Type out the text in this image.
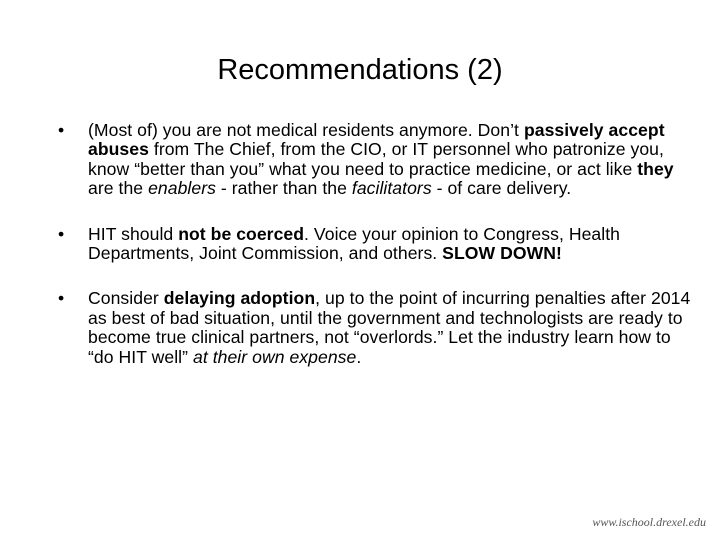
Recommendations (2)
• (Most of) you are not medical residents anymore. Don’t passively accept abuses from The Chief, from the CIO, or IT personnel who patronize you, know “better than you” what you need to practice medicine, or act like they are the enablers - rather than the facilitators - of care delivery.
• HIT should not be coerced. Voice your opinion to Congress, Health Departments, Joint Commission, and others. SLOW DOWN!
• Consider delaying adoption, up to the point of incurring penalties after 2014 as best of bad situation, until the government and technologists are ready to become true clinical partners, not “overlords.” Let the industry learn how to “do HIT well” at their own expense.
www.ischool.drexel.edu
